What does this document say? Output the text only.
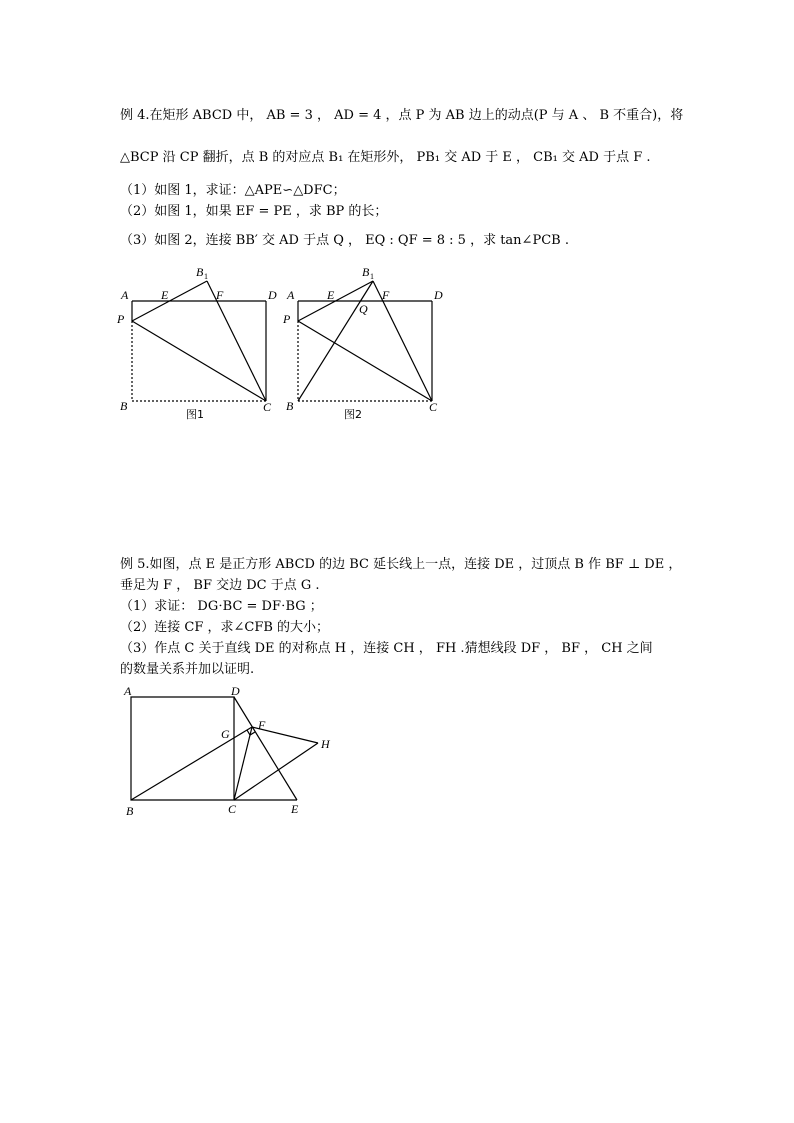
例 4.在矩形 ABCD 中， AB = 3 ， AD = 4 ，点 P 为 AB 边上的动点(P 与 A 、 B 不重合)，将
△BCP 沿 CP 翻折，点 B 的对应点 B₁ 在矩形外， PB₁ 交 AD 于 E ， CB₁ 交 AD 于点 F .
（1）如图 1，求证：△APE∽△DFC；
（2）如图 1，如果 EF = PE ，求 BP 的长；
（3）如图 2，连接 BB′ 交 AD 于点 Q ， EQ : QF = 8 : 5 ，求 tan∠PCB .
A	E	F	D
P
B	C
B 1
图1
A	E	F	D
Q
P
B	C
B 1
图2
例 5.如图，点 E 是正方形 ABCD 的边 BC 延长线上一点，连接 DE ，过顶点 B 作 BF ⊥ DE ，
垂足为 F ， BF 交边 DC 于点 G .
（1）求证： DG⋅BC = DF⋅BG ；
（2）连接 CF ，求∠CFB 的大小；
（3）作点 C 关于直线 DE 的对称点 H ，连接 CH ， FH .猜想线段 DF ， BF ， CH 之间
的数量关系并加以证明.
A	D
F
G
H
B	C	E
